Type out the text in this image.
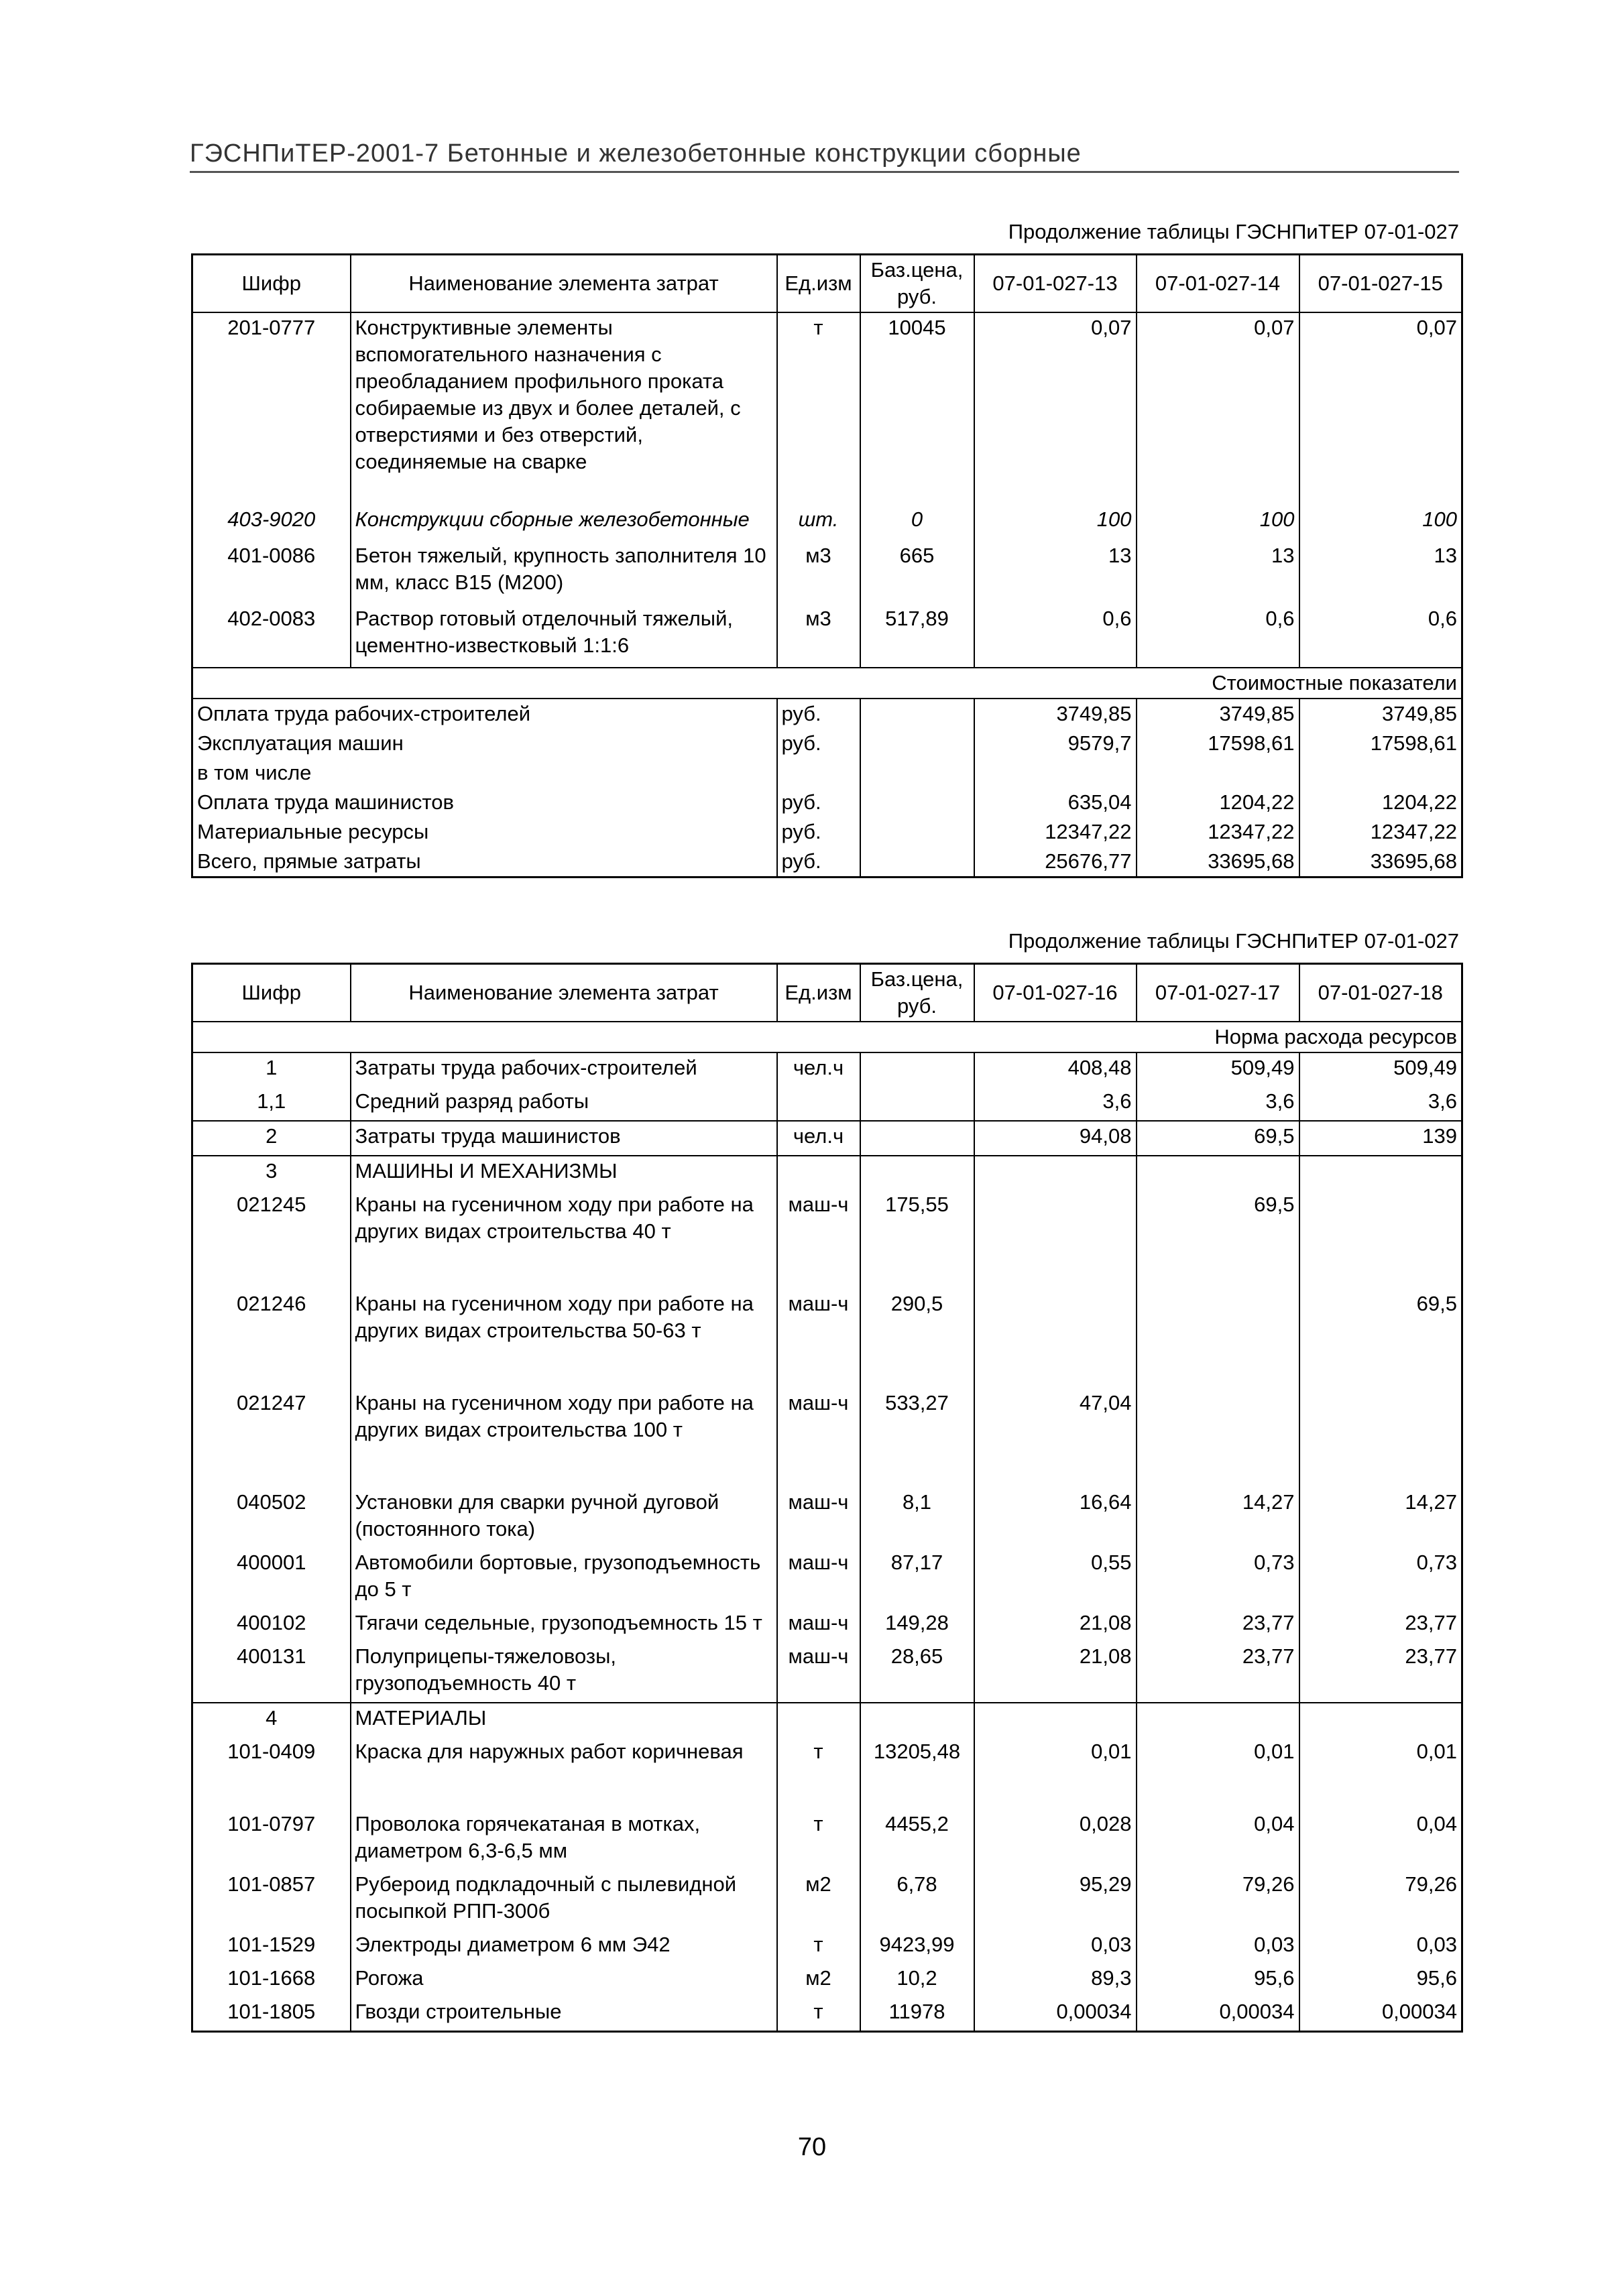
ГЭСНПиТЕР-2001-7 Бетонные и железобетонные конструкции сборные
Продолжение таблицы ГЭСНПиТЕР 07-01-027
Шифр	Наименование элемента затрат	Ед.изм	Баз.цена, руб.	07-01-027-13	07-01-027-14	07-01-027-15
201-0777	Конструктивные элементы вспомогательного назначения с преобладанием профильного проката собираемые из двух и более деталей, с отверстиями и без отверстий, соединяемые на сварке	т	10045	0,07	0,07	0,07
403-9020	Конструкции сборные железобетонные	шт.	0	100	100	100
401-0086	Бетон тяжелый, крупность заполнителя 10 мм, класс В15 (М200)	м3	665	13	13	13
402-0083	Раствор готовый отделочный тяжелый, цементно-известковый 1:1:6	м3	517,89	0,6	0,6	0,6
Стоимостные показатели						
Оплата труда рабочих-строителей		руб.		3749,85	3749,85	3749,85
Эксплуатация машин		руб.		9579,7	17598,61	17598,61
в том числе						
Оплата труда машинистов		руб.		635,04	1204,22	1204,22
Материальные ресурсы		руб.		12347,22	12347,22	12347,22
Всего, прямые затраты		руб.		25676,77	33695,68	33695,68
Продолжение таблицы ГЭСНПиТЕР 07-01-027
Шифр	Наименование элемента затрат	Ед.изм	Баз.цена, руб.	07-01-027-16	07-01-027-17	07-01-027-18
Норма расхода ресурсов						
1	Затраты труда рабочих-строителей	чел.ч		408,48	509,49	509,49
1,1	Средний разряд работы			3,6	3,6	3,6
2	Затраты труда машинистов	чел.ч		94,08	69,5	139
3	МАШИНЫ И МЕХАНИЗМЫ					
021245	Краны на гусеничном ходу при работе на других видах строительства 40 т	маш-ч	175,55		69,5	
021246	Краны на гусеничном ходу при работе на других видах строительства 50-63 т	маш-ч	290,5			69,5
021247	Краны на гусеничном ходу при работе на других видах строительства 100 т	маш-ч	533,27	47,04		
040502	Установки для сварки ручной дуговой (постоянного тока)	маш-ч	8,1	16,64	14,27	14,27
400001	Автомобили бортовые, грузоподъемность до 5 т	маш-ч	87,17	0,55	0,73	0,73
400102	Тягачи седельные, грузоподъемность 15 т	маш-ч	149,28	21,08	23,77	23,77
400131	Полуприцепы-тяжеловозы, грузоподъемность 40 т	маш-ч	28,65	21,08	23,77	23,77
4	МАТЕРИАЛЫ					
101-0409	Краска для наружных работ коричневая	т	13205,48	0,01	0,01	0,01
101-0797	Проволока горячекатаная в мотках, диаметром 6,3-6,5 мм	т	4455,2	0,028	0,04	0,04
101-0857	Рубероид подкладочный с пылевидной посыпкой РПП-300б	м2	6,78	95,29	79,26	79,26
101-1529	Электроды диаметром 6 мм Э42	т	9423,99	0,03	0,03	0,03
101-1668	Рогожа	м2	10,2	89,3	95,6	95,6
101-1805	Гвозди строительные	т	11978	0,00034	0,00034	0,00034
70
